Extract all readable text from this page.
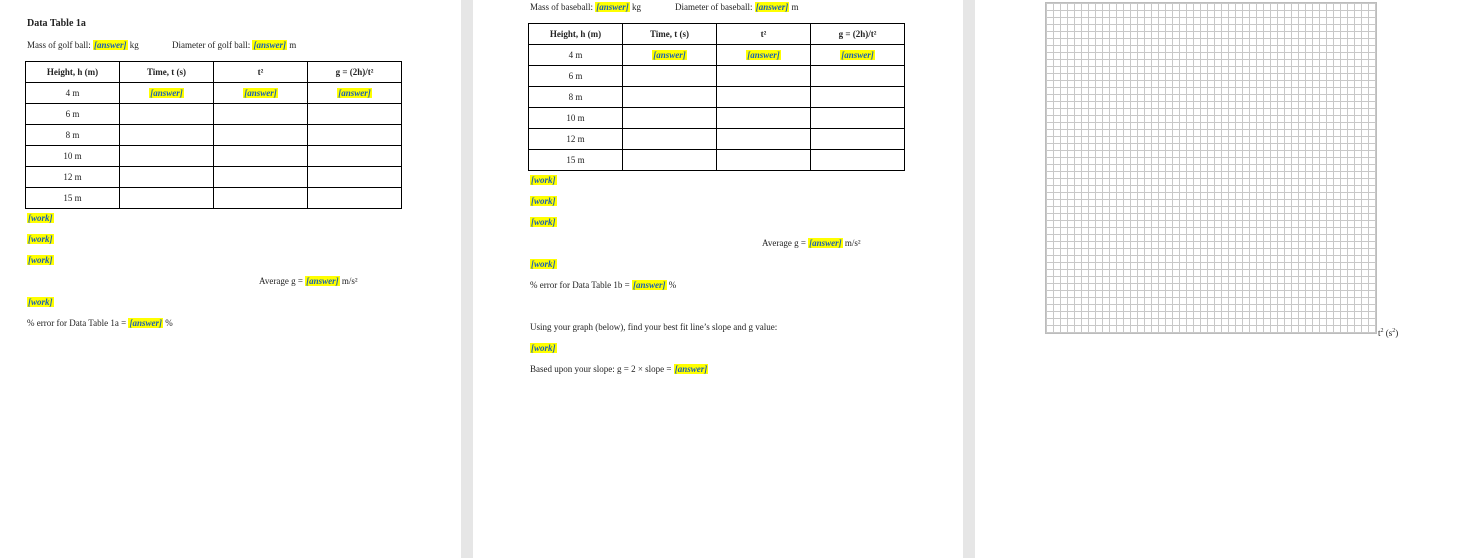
Data Table 1a
Mass of golf ball: [answer] kg	Diameter of golf ball: [answer] m
Height, h (m)	Time, t (s)	t²	g = (2h)/t²
4 m	[answer]	[answer]	[answer]
6 m			
8 m			
10 m			
12 m			
15 m			
[work]
[work]
[work]
Average g = [answer] m/s²
[work]
% error for Data Table 1a = [answer] %
Mass of baseball: [answer] kg	Diameter of baseball: [answer] m
Height, h (m)	Time, t (s)	t²	g = (2h)/t²
4 m	[answer]	[answer]	[answer]
6 m			
8 m			
10 m			
12 m			
15 m			
[work]
[work]
[work]
Average g = [answer] m/s²
[work]
% error for Data Table 1b = [answer] %
Using your graph (below), find your best fit line’s slope and g value:
[work]
Based upon your slope: g = 2 × slope = [answer]
$t^2$ $(s^2)$
